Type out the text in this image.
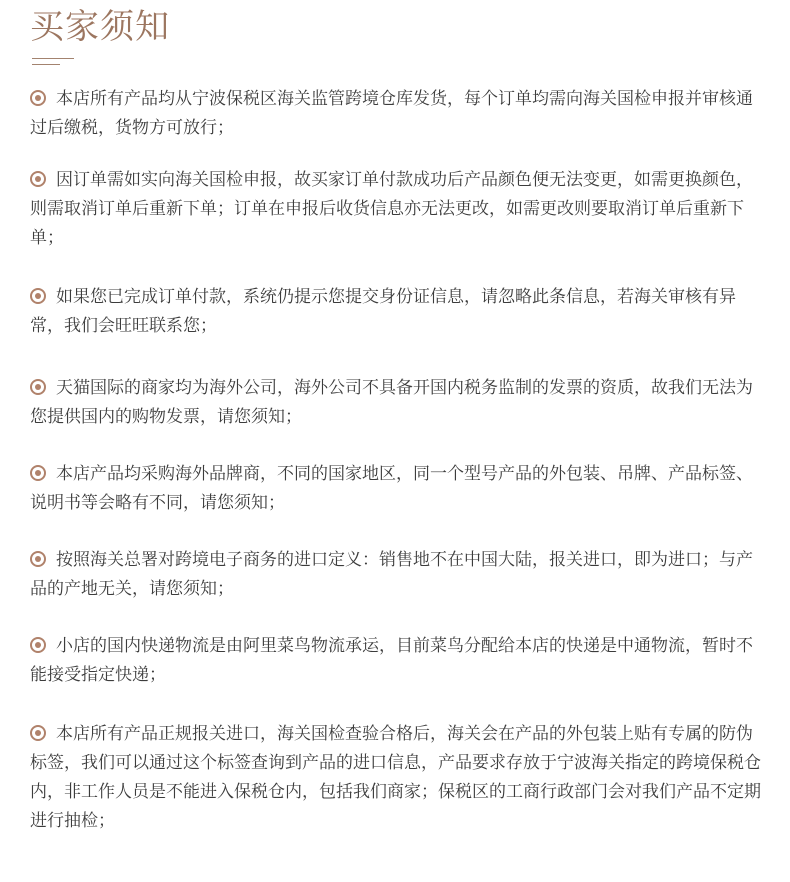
买家须知
本店所有产品均从宁波保税区海关监管跨境仓库发货，每个订单均需向海关国检申报并审核通过后缴税，货物方可放行；
因订单需如实向海关国检申报，故买家订单付款成功后产品颜色便无法变更，如需更换颜色，则需取消订单后重新下单；订单在申报后收货信息亦无法更改，如需更改则要取消订单后重新下单；
如果您已完成订单付款，系统仍提示您提交身份证信息，请忽略此条信息，若海关审核有异常，我们会旺旺联系您；
天猫国际的商家均为海外公司，海外公司不具备开国内税务监制的发票的资质，故我们无法为您提供国内的购物发票，请您须知；
本店产品均采购海外品牌商，不同的国家地区，同一个型号产品的外包装、吊牌、产品标签、说明书等会略有不同，请您须知；
按照海关总署对跨境电子商务的进口定义：销售地不在中国大陆，报关进口，即为进口；与产品的产地无关，请您须知；
小店的国内快递物流是由阿里菜鸟物流承运，目前菜鸟分配给本店的快递是中通物流，暂时不能接受指定快递；
本店所有产品正规报关进口，海关国检查验合格后，海关会在产品的外包装上贴有专属的防伪标签，我们可以通过这个标签查询到产品的进口信息，产品要求存放于宁波海关指定的跨境保税仓内，非工作人员是不能进入保税仓内，包括我们商家；保税区的工商行政部门会对我们产品不定期进行抽检；
